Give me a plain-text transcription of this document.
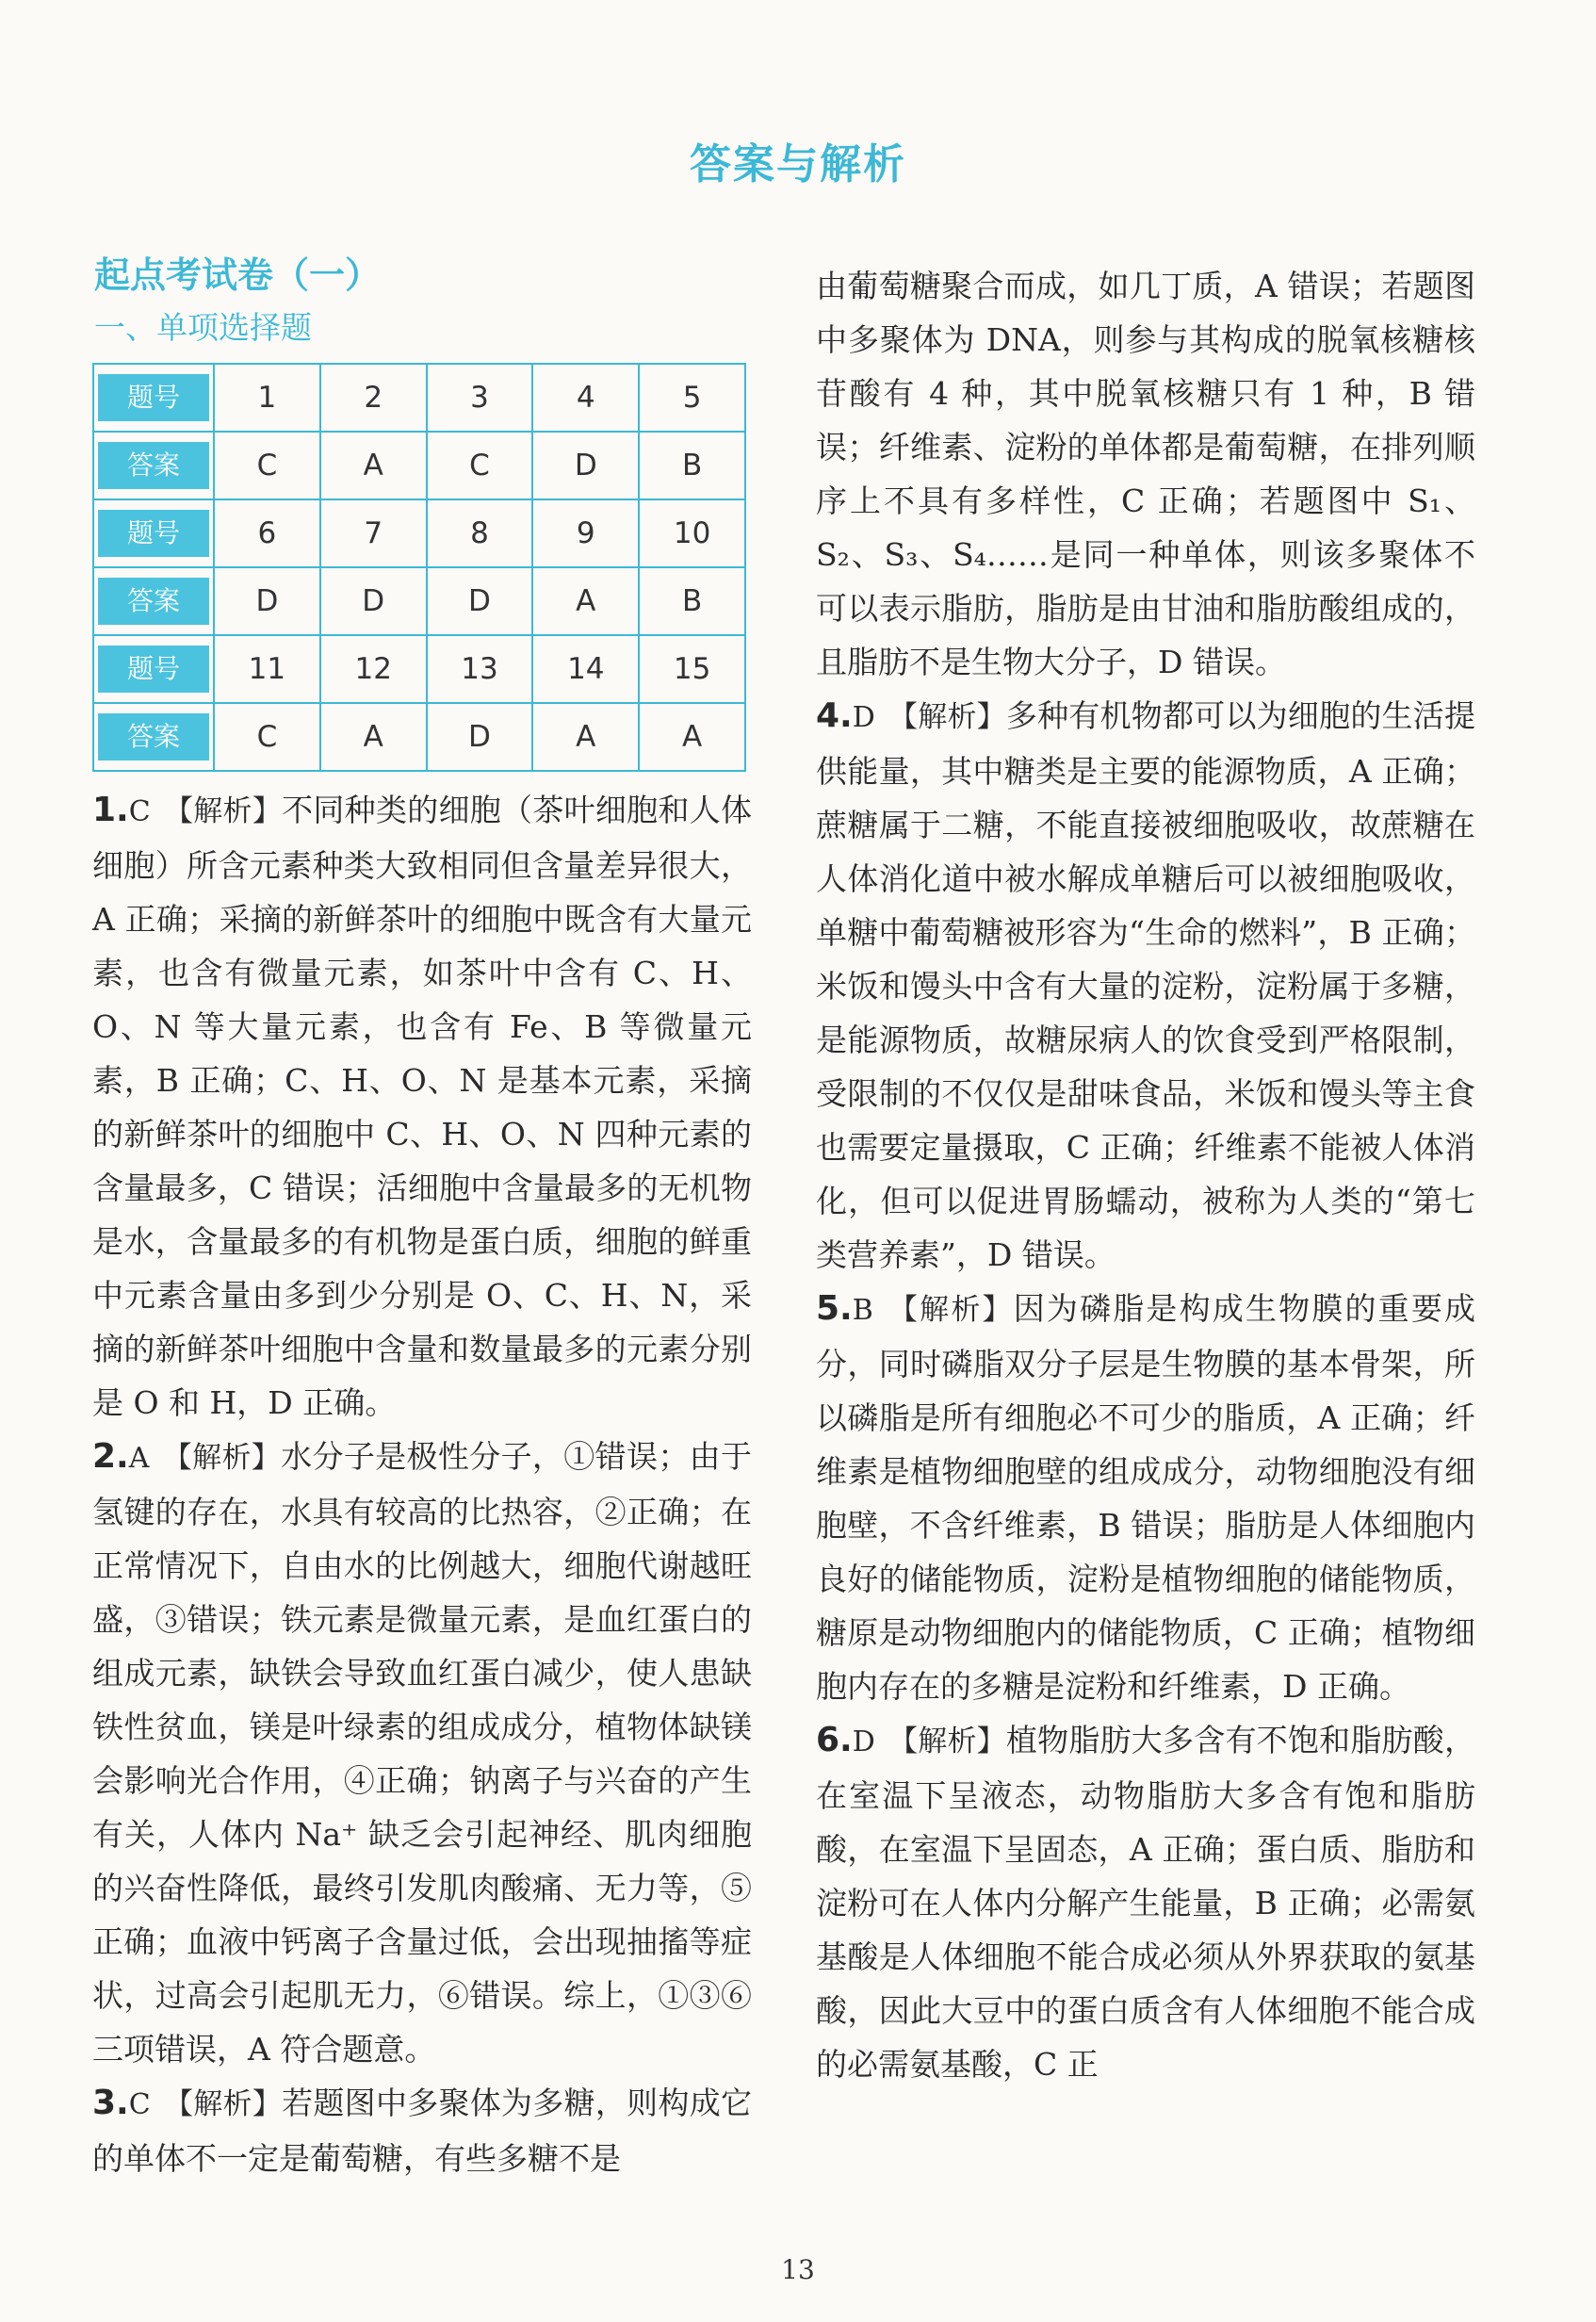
答案与解析
起点考试卷（一）
一、单项选择题
题号	1	2	3	4	5

答案	C	A	C	D	B

题号	6	7	8	9	10

答案	D	D	D	A	B

题号	11	12	13	14	15

答案	C	A	D	A	A
1.C 【解析】不同种类的细胞（茶叶细胞和人体细胞）所含元素种类大致相同但含量差异很大，A 正确；采摘的新鲜茶叶的细胞中既含有大量元素，也含有微量元素，如茶叶中含有 C、H、O、N 等大量元素，也含有 Fe、B 等微量元素，B 正确；C、H、O、N 是基本元素，采摘的新鲜茶叶的细胞中 C、H、O、N 四种元素的含量最多，C 错误；活细胞中含量最多的无机物是水，含量最多的有机物是蛋白质，细胞的鲜重中元素含量由多到少分别是 O、C、H、N，采摘的新鲜茶叶细胞中含量和数量最多的元素分别是 O 和 H，D 正确。
2.A 【解析】水分子是极性分子，①错误；由于氢键的存在，水具有较高的比热容，②正确；在正常情况下，自由水的比例越大，细胞代谢越旺盛，③错误；铁元素是微量元素，是血红蛋白的组成元素，缺铁会导致血红蛋白减少，使人患缺铁性贫血，镁是叶绿素的组成成分，植物体缺镁会影响光合作用，④正确；钠离子与兴奋的产生有关，人体内 Na⁺ 缺乏会引起神经、肌肉细胞的兴奋性降低，最终引发肌肉酸痛、无力等，⑤正确；血液中钙离子含量过低，会出现抽搐等症状，过高会引起肌无力，⑥错误。综上，①③⑥三项错误，A 符合题意。
3.C 【解析】若题图中多聚体为多糖，则构成它的单体不一定是葡萄糖，有些多糖不是
由葡萄糖聚合而成，如几丁质，A 错误；若题图中多聚体为 DNA，则参与其构成的脱氧核糖核苷酸有 4 种，其中脱氧核糖只有 1 种，B 错误；纤维素、淀粉的单体都是葡萄糖，在排列顺序上不具有多样性，C 正确；若题图中 S₁、S₂、S₃、S₄……是同一种单体，则该多聚体不可以表示脂肪，脂肪是由甘油和脂肪酸组成的，且脂肪不是生物大分子，D 错误。
4.D 【解析】多种有机物都可以为细胞的生活提供能量，其中糖类是主要的能源物质，A 正确；蔗糖属于二糖，不能直接被细胞吸收，故蔗糖在人体消化道中被水解成单糖后可以被细胞吸收，单糖中葡萄糖被形容为“生命的燃料”，B 正确；米饭和馒头中含有大量的淀粉，淀粉属于多糖，是能源物质，故糖尿病人的饮食受到严格限制，受限制的不仅仅是甜味食品，米饭和馒头等主食也需要定量摄取，C 正确；纤维素不能被人体消化，但可以促进胃肠蠕动，被称为人类的“第七类营养素”，D 错误。
5.B 【解析】因为磷脂是构成生物膜的重要成分，同时磷脂双分子层是生物膜的基本骨架，所以磷脂是所有细胞必不可少的脂质，A 正确；纤维素是植物细胞壁的组成成分，动物细胞没有细胞壁，不含纤维素，B 错误；脂肪是人体细胞内良好的储能物质，淀粉是植物细胞的储能物质，糖原是动物细胞内的储能物质，C 正确；植物细胞内存在的多糖是淀粉和纤维素，D 正确。
6.D 【解析】植物脂肪大多含有不饱和脂肪酸，在室温下呈液态，动物脂肪大多含有饱和脂肪酸，在室温下呈固态，A 正确；蛋白质、脂肪和淀粉可在人体内分解产生能量，B 正确；必需氨基酸是人体细胞不能合成必须从外界获取的氨基酸，因此大豆中的蛋白质含有人体细胞不能合成的必需氨基酸，C 正
13
